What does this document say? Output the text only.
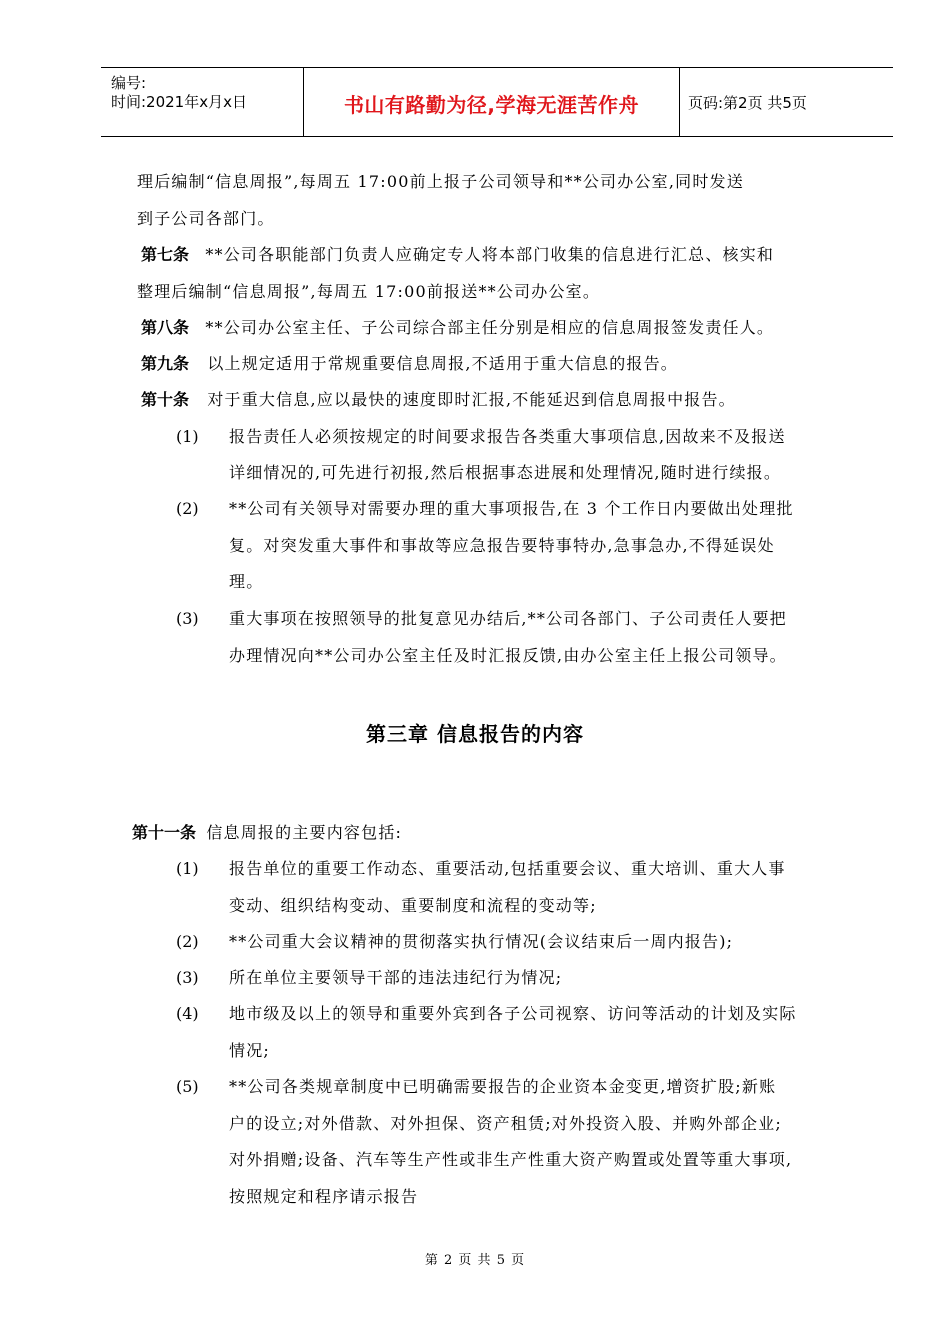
编号:
时间:2021年x月x日	书山有路勤为径,学海无涯苦作舟	页码:第2页 共5页
理后编制“信息周报”,每周五 17:00前上报子公司领导和**公司办公室,同时发送
到子公司各部门。
第七条 **公司各职能部门负责人应确定专人将本部门收集的信息进行汇总、核实和
整理后编制“信息周报”,每周五 17:00前报送**公司办公室。
第八条 **公司办公室主任、子公司综合部主任分别是相应的信息周报签发责任人。
第九条 以上规定适用于常规重要信息周报,不适用于重大信息的报告。
第十条 对于重大信息,应以最快的速度即时汇报,不能延迟到信息周报中报告。
(1) 报告责任人必须按规定的时间要求报告各类重大事项信息,因故来不及报送
详细情况的,可先进行初报,然后根据事态进展和处理情况,随时进行续报。
(2) **公司有关领导对需要办理的重大事项报告,在 3 个工作日内要做出处理批
复。对突发重大事件和事故等应急报告要特事特办,急事急办,不得延误处
理。
(3) 重大事项在按照领导的批复意见办结后,**公司各部门、子公司责任人要把
办理情况向**公司办公室主任及时汇报反馈,由办公室主任上报公司领导。
第三章 信息报告的内容
第十一条 信息周报的主要内容包括:
(1) 报告单位的重要工作动态、重要活动,包括重要会议、重大培训、重大人事
变动、组织结构变动、重要制度和流程的变动等;
(2) **公司重大会议精神的贯彻落实执行情况(会议结束后一周内报告);
(3) 所在单位主要领导干部的违法违纪行为情况;
(4) 地市级及以上的领导和重要外宾到各子公司视察、访问等活动的计划及实际
情况;
(5) **公司各类规章制度中已明确需要报告的企业资本金变更,增资扩股;新账
户的设立;对外借款、对外担保、资产租赁;对外投资入股、并购外部企业;
对外捐赠;设备、汽车等生产性或非生产性重大资产购置或处置等重大事项,
按照规定和程序请示报告
第 2 页 共 5 页
